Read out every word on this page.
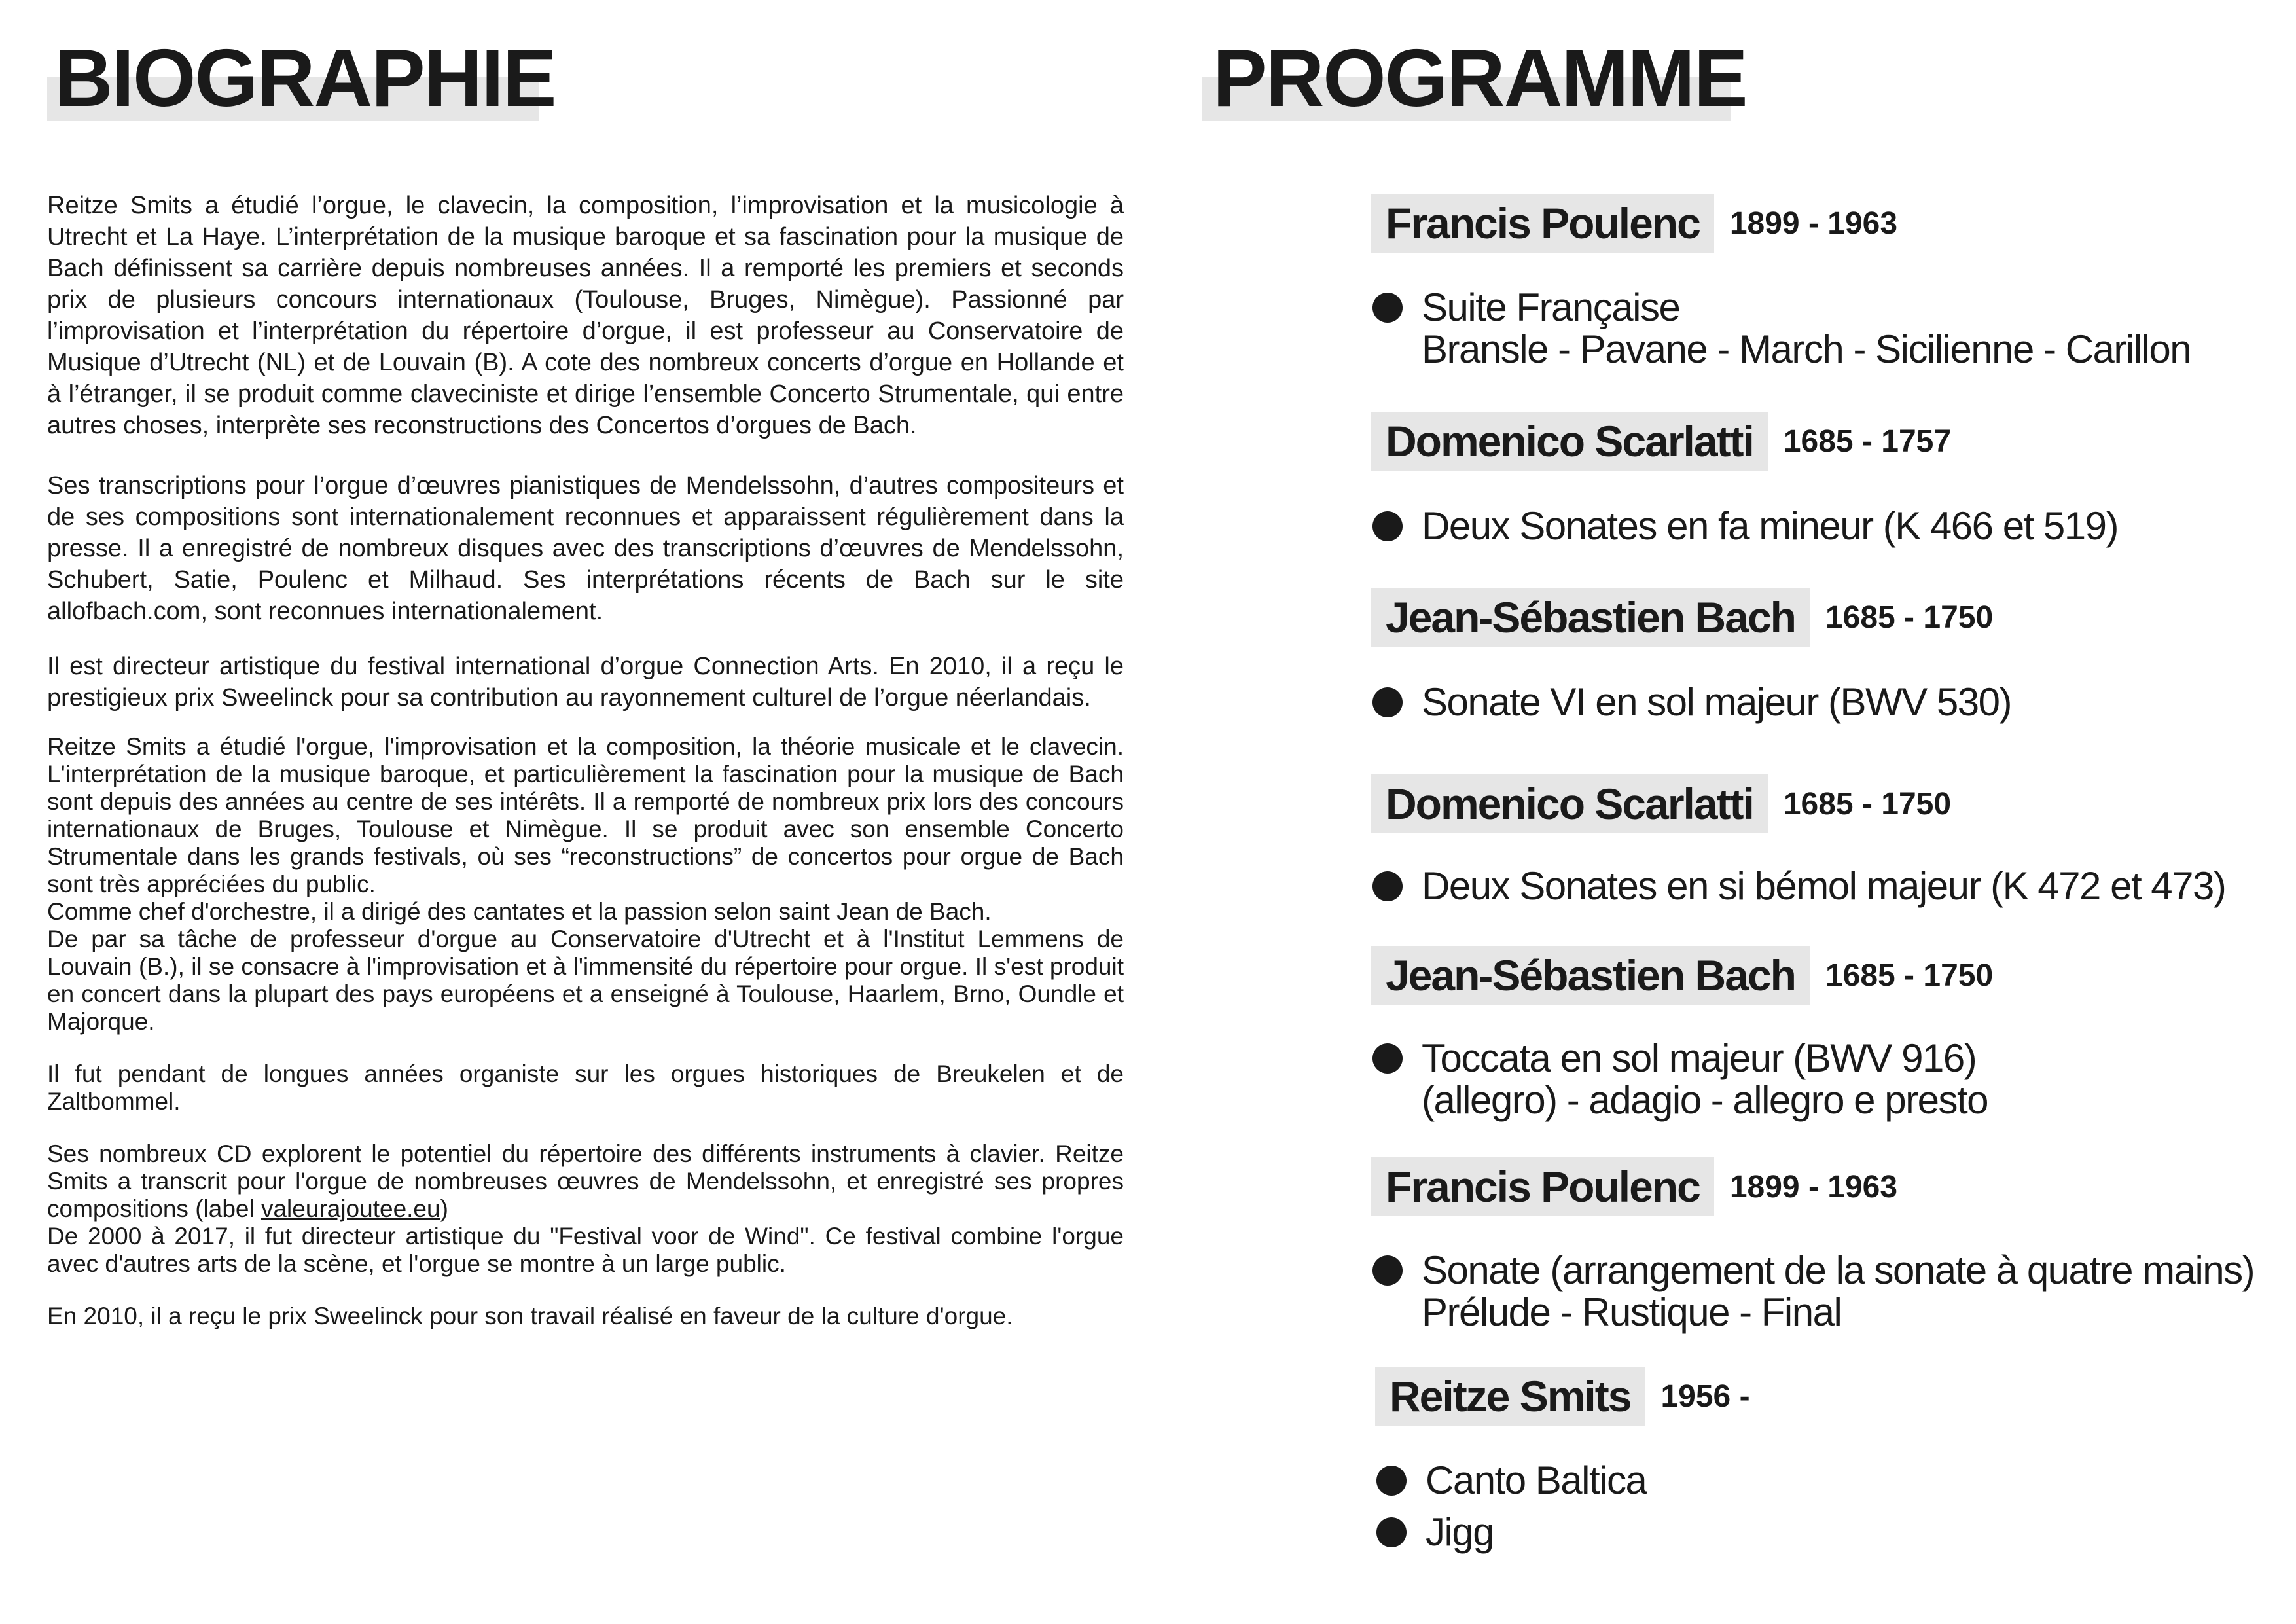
BIOGRAPHIE

Reitze Smits a étudié l’orgue, le clavecin, la composition, l’improvisation et la musicologie à Utrecht et La Haye. L’interprétation de la musique baroque et sa fascination pour la musique de Bach définissent sa carrière depuis nombreuses années. Il a remporté les premiers et seconds prix de plusieurs concours internationaux (Toulouse, Bruges, Nimègue). Passionné par l’improvisation et l’interprétation du répertoire d’orgue, il est professeur au Conservatoire de Musique d’Utrecht (NL) et de Louvain (B). A cote des nombreux concerts d’orgue en Hollande et à l’étranger, il se produit comme claveciniste et dirige l’ensemble Concerto Strumentale, qui entre autres choses, interprète ses reconstructions des Concertos d’orgues de Bach.

Ses transcriptions pour l’orgue d’œuvres pianistiques de Mendelssohn, d’autres compositeurs et de ses compositions sont internationalement reconnues et apparaissent régulièrement dans la presse. Il a enregistré de nombreux disques avec des transcriptions d’œuvres de Mendelssohn, Schubert, Satie, Poulenc et Milhaud. Ses interprétations récents de Bach sur le site allofbach.com, sont reconnues internationalement.

Il est directeur artistique du festival international d’orgue Connection Arts. En 2010, il a reçu le prestigieux prix Sweelinck pour sa contribution au rayonnement culturel de l’orgue néerlandais.

Reitze Smits a étudié l'orgue, l'improvisation et la composition, la théorie musicale et le clavecin. L'interprétation de la musique baroque, et particulièrement la fascination pour la musique de Bach sont depuis des années au centre de ses intérêts. Il a remporté de nombreux prix lors des concours internationaux de Bruges, Toulouse et Nimègue. Il se produit avec son ensemble Concerto Strumentale dans les grands festivals, où ses “reconstructions” de concertos pour orgue de Bach sont très appréciées du public.
Comme chef d'orchestre, il a dirigé des cantates et la passion selon saint Jean de Bach.
De par sa tâche de professeur d'orgue au Conservatoire d'Utrecht et à l'Institut Lemmens de Louvain (B.), il se consacre à l'improvisation et à l'immensité du répertoire pour orgue. Il s'est produit en concert dans la plupart des pays européens et a enseigné à Toulouse, Haarlem, Brno, Oundle et Majorque.

Il fut pendant de longues années organiste sur les orgues historiques de Breukelen et de Zaltbommel.

Ses nombreux CD explorent le potentiel du répertoire des différents instruments à clavier. Reitze Smits a transcrit pour l'orgue de nombreuses œuvres de Mendelssohn, et enregistré ses propres compositions (label valeurajoutee.eu)
De 2000 à 2017, il fut directeur artistique du "Festival voor de Wind". Ce festival combine l'orgue avec d'autres arts de la scène, et l'orgue se montre à un large public.

En 2010, il a reçu le prix Sweelinck pour son travail réalisé en faveur de la culture d'orgue.

PROGRAMME
Francis Poulenc 1899 - 1963
Suite Française
Bransle - Pavane - March - Sicilienne - Carillon
Domenico Scarlatti 1685 - 1757
Deux Sonates en fa mineur (K 466 et 519)
Jean-Sébastien Bach 1685 - 1750
Sonate VI en sol majeur (BWV 530)
Domenico Scarlatti 1685 - 1750
Deux Sonates en si bémol majeur (K 472 et 473)
Jean-Sébastien Bach 1685 - 1750
Toccata en sol majeur (BWV 916)
(allegro) - adagio - allegro e presto
Francis Poulenc 1899 - 1963
Sonate (arrangement de la sonate à quatre mains)
Prélude - Rustique - Final
Reitze Smits 1956 -
Canto Baltica
Jigg
